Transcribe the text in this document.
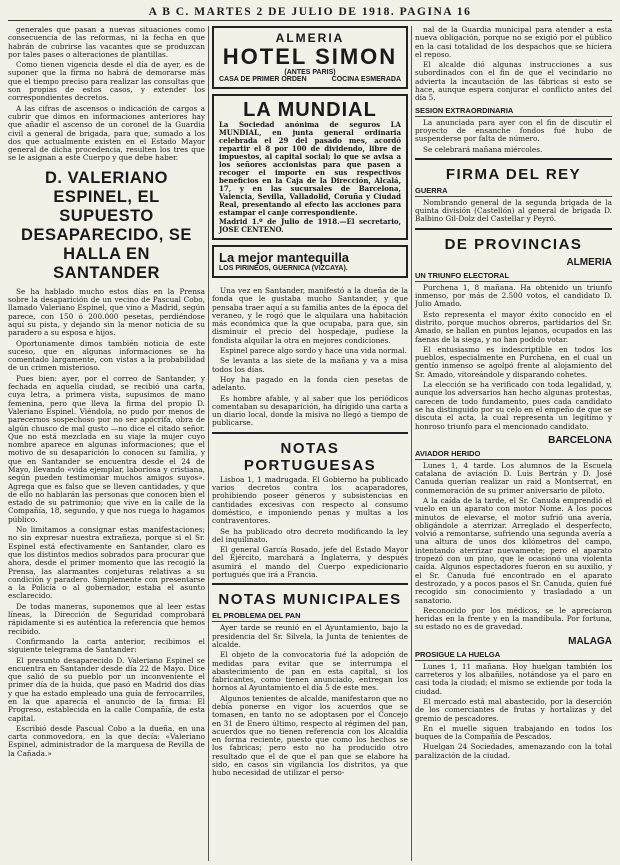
A B C. MARTES 2 DE JULIO DE 1918. PAGINA 16

generales que pasan a nuevas situaciones como consecuencia de las reformas, ni la fecha en que habrán de cubrirse las vacantes que se produzcan por tales pases o alteraciones de plantillas.

Como tienen vigencia desde el día de ayer, es de suponer que la firma no habrá de demorarse más que el tiempo preciso para realizar las consultas que son propias de estos casos, y extender los correspondientes decretos.

A las cifras de ascensos o indicación de cargos a cubrir que dimos en informaciones anteriores hay que añadir el ascenso de un coronel de la Guardia civil a general de brigada, para que, sumado a los dos que actualmente existen en el Estado Mayor general de dicha procedencia, resulten los tres que se le asignan a este Cuerpo y que debe haber.

D. VALERIANO ESPINEL, EL SUPUESTO DESAPARECIDO, SE HALLA EN SANTANDER

Se ha hablado mucho estos días en la Prensa sobre la desaparición de un vecino de Pascual Cobo, llamado Valeriano Espinel, que vino a Madrid, según parece, con 150 ó 200.000 pesetas, perdiéndose aquí su pista, y dejando sin la menor noticia de su paradero a su esposa e hijos.

Oportunamente dimos también noticia de este suceso, que en algunas informaciones se ha comentado largamente, con vistas a la probabilidad de un crimen misterioso.

Pues bien: ayer, por el correo de Santander, y fechada en aquella ciudad, se recibió una carta, cuya letra, a primera vista, supusimos de mano femenina, pero que lleva la firma del propio D. Valeriano Espinel. Viéndola, no pudo por menos de parecernos sospechoso por no ser apócrifa, obra de algún chusco de mal gusto —no dice el citado señor. Que no está mezclada en su viaje la mujer cuyo nombre aparece en algunas informaciones; que el motivo de su desaparición lo conocen su familia, y que en Santander se encuentra desde el 24 de Mayo, llevando «vida ejemplar, laboriosa y cristiana, según pueden testimoniar muchos amigos suyos». Agrega que es falso que se lleven cantidades, y que de ello no hablarán las personas que conocen bien el estado de su patrimonio; que vive en la calle de la Compañía, 18, segundo, y que nos ruega lo hagamos público.

No limitamos a consignar estas manifestaciones; no sin expresar nuestra extrañeza, porque si el Sr. Espinel está efectivamente en Santander, claro es que los distintos medios sobrados para procurar que ahora, desde el primer momento que las recogió la Prensa, las alarmantes conjeturas relativas a su condición y paradero. Simplemente con presentarse a la Policía o al gobernador, estaba el asunto esclarecido.

De todas maneras, suponemos que al leer estas líneas, la Dirección de Seguridad comprobará rápidamente si es auténtica la referencia que hemos recibido.

Confirmando la carta anterior, recibimos el siguiente telegrama de Santander:

El presunto desaparecido D. Valeriano Espinel se encuentra en Santander desde día 22 de Mayo. Dice que salió de su pueblo por un inconveniente el primer día de la huida, que pasó en Madrid dos días y que ha estado empleado una guía de ferrocarriles, en la que aparecía el anuncio de la firma: El Progreso, establecida en la calle Compañía, de esta capital.

Escribió desde Pascual Cobo a la dueña, en una carta conmovedora, en la que decía: «Valeriano Espinel, administrador de la marquesa de Revilla de la Cañada.»

ALMERIA
HOTEL SIMON
(ANTES PARIS)
CASA DE PRIMER ORDEN	COCINA ESMERADA
LA MUNDIAL
La Sociedad anónima de seguros LA MUNDIAL, en junta general ordinaria celebrada el 29 del pasado mes, acordó repartir el 8 por 100 de dividendo, libre de impuestos, al capital social; lo que se avisa a los señores accionistas para que pasen a recoger el importe en sus respectivos beneficios en la Caja de la Dirección, Alcalá, 17, y en las sucursales de Barcelona, Valencia, Sevilla, Valladolid, Coruña y Ciudad Real, presentando al efecto las acciones para estampar el canje correspondiente.
Madrid 1.º de Julio de 1918.—El secretario, JOSE CENTENO.
La mejor mantequilla
LOS PIRINEOS, GUERNICA (VIZCAYA).

Una vez en Santander, manifestó a la dueña de la fonda que le gustaba mucho Santander, y que pensaba traer aquí a su familia antes de la época del veraneo, y le rogó que le alquilara una habitación más económica que la que ocupaba, para que, sin disminuir el precio del hospedaje, pudiese la fondista alquilar la otra en mejores condiciones.

Espinel parece algo sordo y hace una vida normal.

Se levanta a las siete de la mañana y va a misa todos los días.

Hoy ha pagado en la fonda cien pesetas de adelanto.

Es hombre afable, y al saber que los periódicos comentaban su desaparición, ha dirigido una carta a un diario local, donde la misiva no llegó a tiempo de publicarse.

NOTAS PORTUGUESAS

Lisboa 1, 1 madrugada. El Gobierno ha publicado varios decretos contra los acaparadores, prohibiendo poseer géneros y subsistencias en cantidades excesivas con respecto al consumo doméstico, e imponiendo penas y multas a los contraventores.

Se ha publicado otro decreto modificando la ley del inquilinato.

El general García Rosado, jefe del Estado Mayor del Ejército, marchará a Inglaterra, y después asumirá el mando del Cuerpo expedicionario portugués que irá a Francia.

NOTAS MUNICIPALES
EL PROBLEMA DEL PAN

Ayer tarde se reunió en el Ayuntamiento, bajo la presidencia del Sr. Silvela, la Junta de tenientes de alcalde.

El objeto de la convocatoria fué la adopción de medidas para evitar que se interrumpa el abastecimiento de pan en esta capital, si los fabricantes, como tienen anunciado, entregan los hornos al Ayuntamiento el día 5 de este mes.

Algunos tenientes de alcalde, manifestaron que no debía ponerse en vigor los acuerdos que se tomasen, en tanto no se adoptasen por el Concejo en 31 de Enero último, respecto al régimen del pan, acuerdos que no tienen referencia con los Alcaldía en forma reciente, puesto que como los hechos se los fabricas; pero esto no ha producido otro resultado que el de que el pan que se elabore ha sido, en casos sin vigilancia los distritos, ya que hubo necesidad de utilizar el perso-

nal de la Guardia municipal para atender a esta nueva obligación, porque no se exigió por el público en la casi totalidad de los despachos que se hiciera el reposo.

El alcalde dió algunas instrucciones a sus subordinados con el fin de que el vecindario no advierta la incautación de las fábricas si esto se hace, aunque espera conjurar el conflicto antes del día 5.

SESION EXTRAORDINARIA

La anunciada para ayer con el fin de discutir el proyecto de ensanche fondos fué hubo de suspenderse por falta de número.

Se celebrará mañana miércoles.

FIRMA DEL REY
GUERRA

Nombrando general de la segunda brigada de la quinta división (Castellón) al general de brigada D. Balbino Gil-Dolz del Castellar y Peyró.

DE PROVINCIAS
ALMERIA
UN TRIUNFO ELECTORAL

Purchena 1, 8 mañana. Ha obtenido un triunfo inmenso, por más de 2.500 votos, el candidato D. Julio Amado.

Esto representa el mayor éxito conocido en el distrito, porque muchos obreros, partidarios del Sr. Amado, se hallan en puntos lejanos, ocupados en las faenas de la siega, y no han podido votar.

El entusiasmo es indescriptible en todos los pueblos, especialmente en Purchena, en el cual un gentío inmenso se agolpó frente al alojamiento del Sr. Amado, vitoreándole y disparando cohetes.

La elección se ha verificado con toda legalidad, y, aunque los adversarios han hecho algunas protestas, carecen de todo fundamento, pues cada candidato se ha distinguido por su celo en el empeño de que se discuta el acta, la cual representa un legítimo y honroso triunfo para el mencionado candidato.

BARCELONA
AVIADOR HERIDO

Lunes 1, 4 tarde. Los alumnos de la Escuela catalana de aviación D. Luis Bertrán y D. José Canuda querían realizar un raid a Montserrat, en conmemoración de su primer aniversario de piloto.

A la caída de la tarde, el Sr. Canuda emprendió el vuelo en un aparato con motor Nome. A los pocos minutos de elevarse, el motor sufrió una avería, obligándole a aterrizar. Arreglado el desperfecto, volvió a remontarse, sufriendo una segunda avería a una altura de unos dos kilómetros del campo, intentando aterrizar nuevamente; pero el aparato tropezó con un pino, que le ocasionó una violenta caída. Algunos espectadores fueron en su auxilio, y el Sr. Canuda fué encontrado en el aparato destrozado, y a pocos pasos el Sr. Canuda, quien fué recogido sin conocimiento y trasladado a un sanatorio.

Reconocido por los médicos, se le apreciaron heridas en la frente y en la mandíbula. Por fortuna, su estado no es de gravedad.

MALAGA
PROSIGUE LA HUELGA

Lunes 1, 11 mañana. Hoy huelgan también los carreteros y los albañiles, notándose ya el paro en casi toda la ciudad; el mismo se extiende por toda la ciudad.

El mercado está mal abastecido, por la deserción de los comerciantes de frutas y hortalizas y del gremio de pescadores.

En el muelle siguen trabajando en todos los buques de la Compañía de Pescados.

Huelgan 24 Sociedades, amenazando con la total paralización de la ciudad.
